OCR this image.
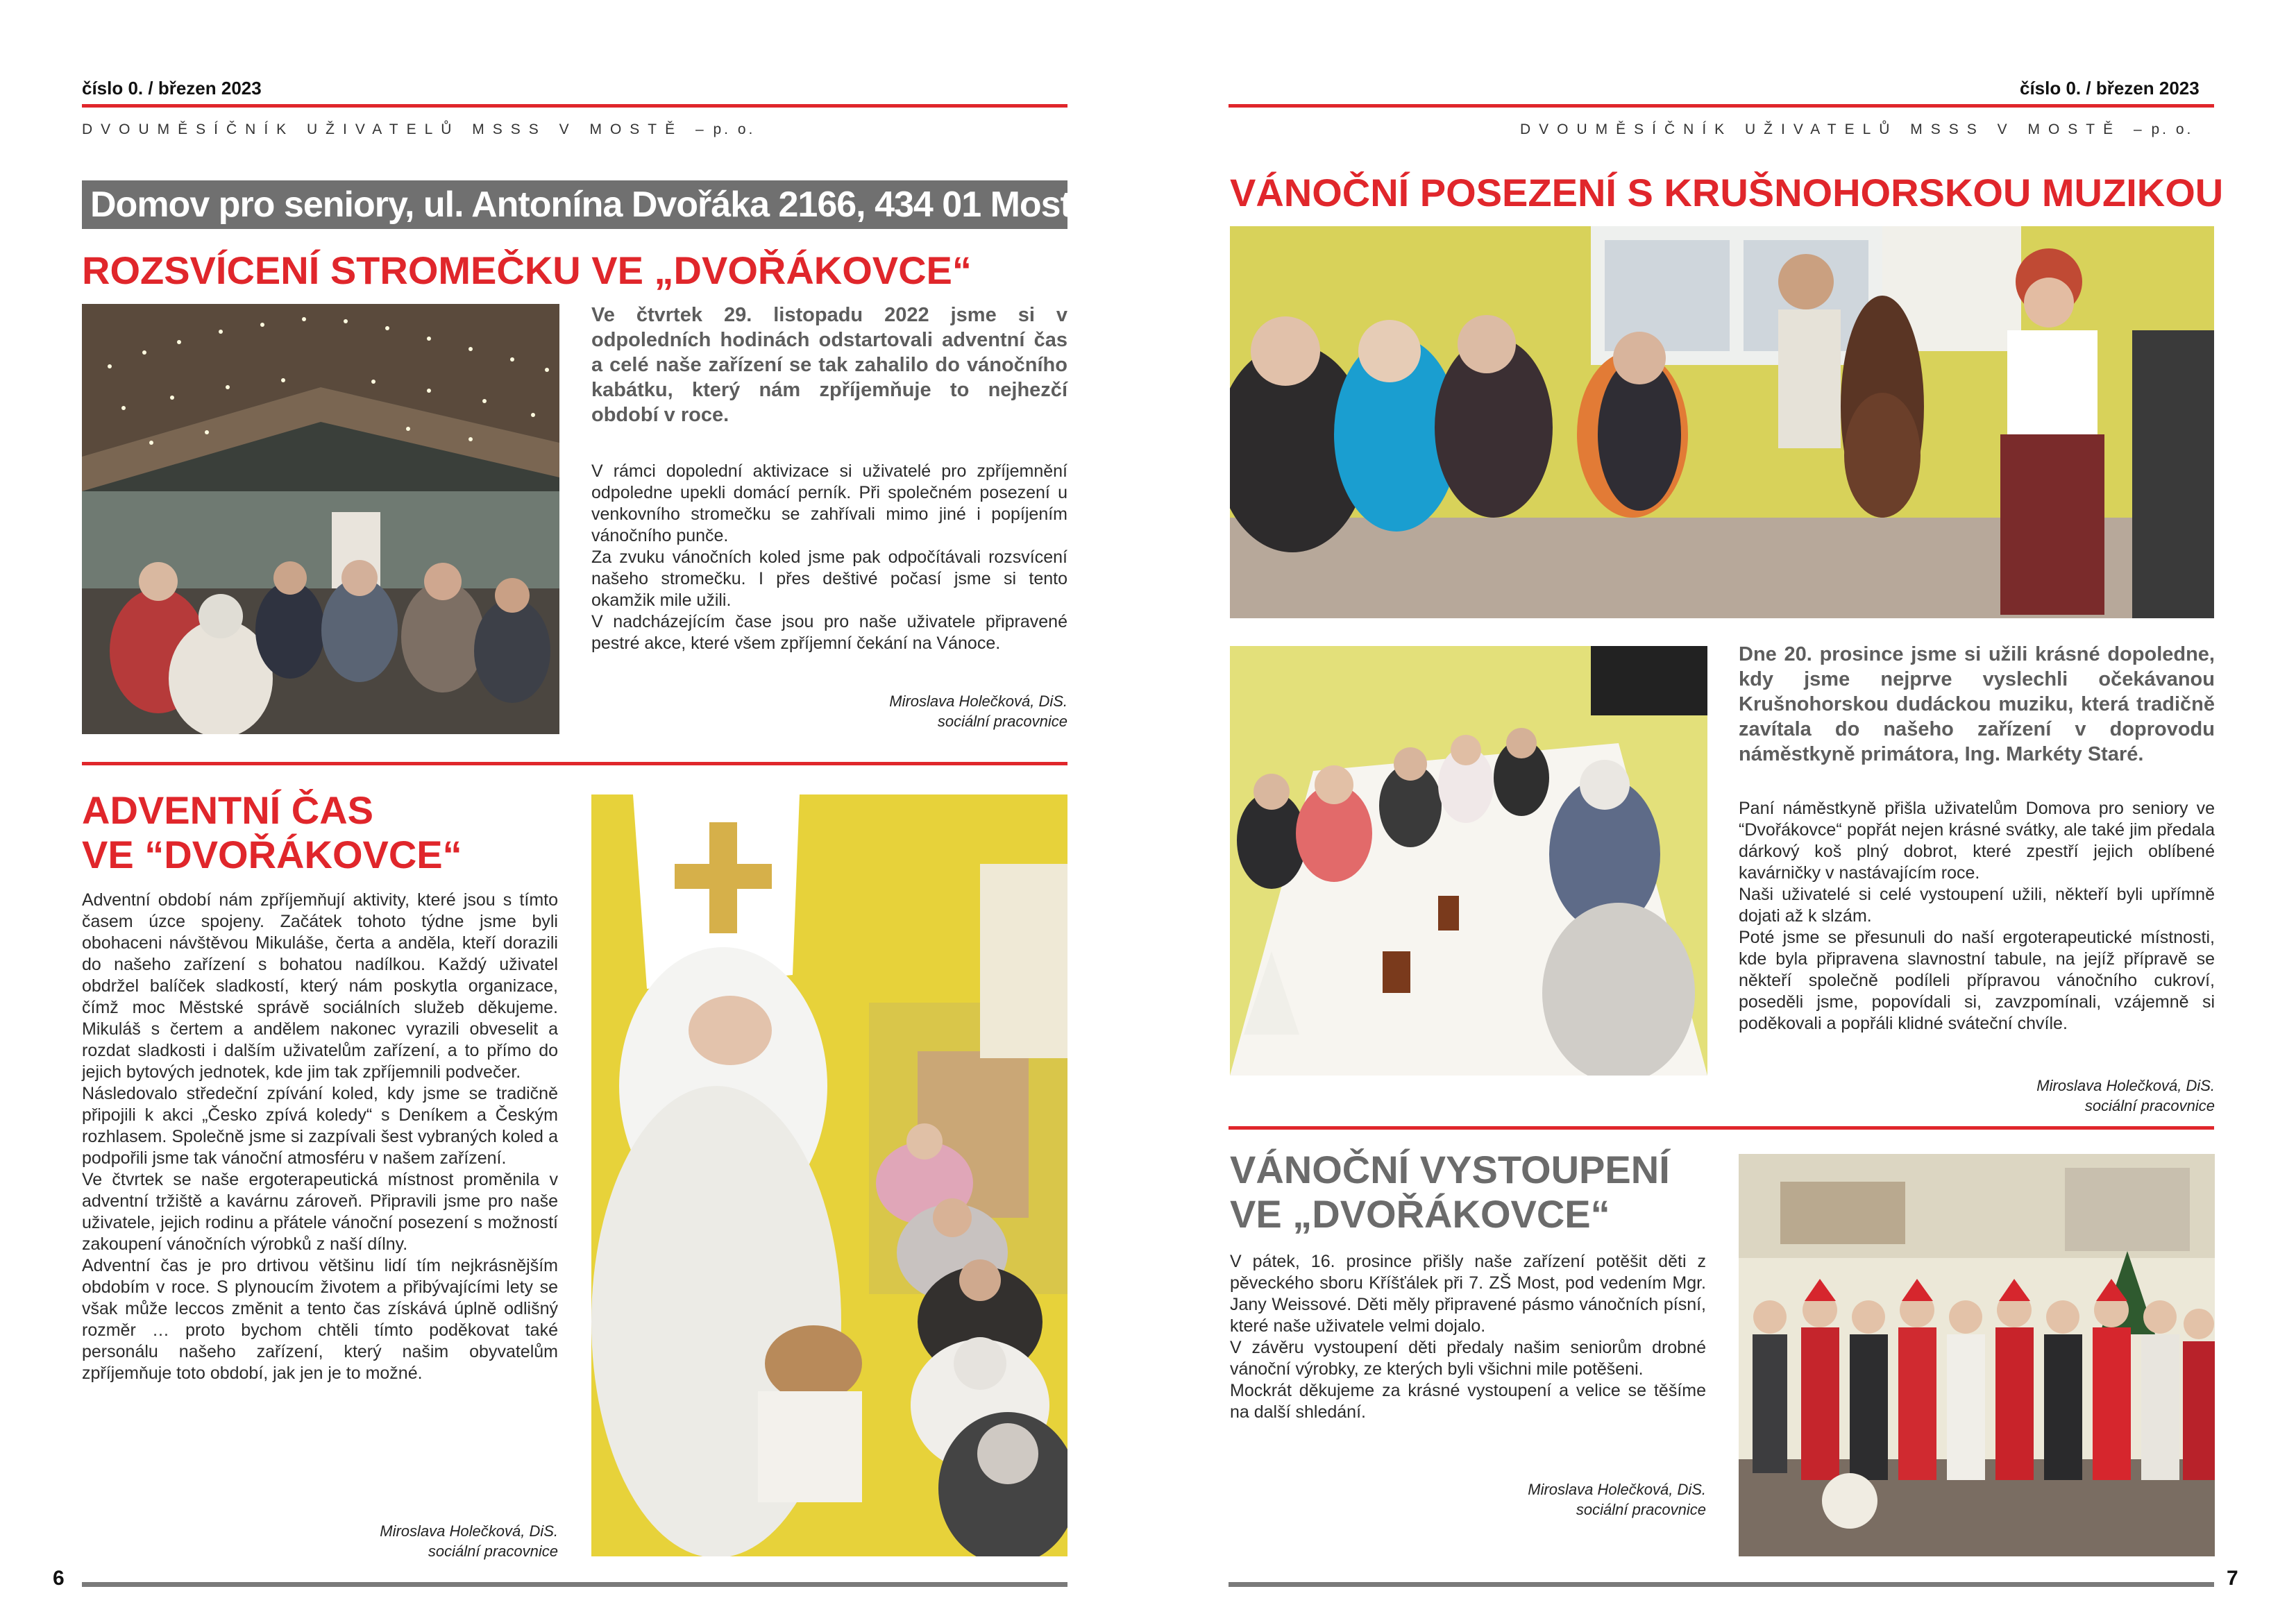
číslo 0. / březen 2023
DVOUMĚSÍČNÍK UŽIVATELŮ MSSS V MOSTĚ – p. o.
Domov pro seniory, ul. Antonína Dvořáka 2166, 434 01 Most
ROZSVÍCENÍ STROMEČKU VE „DVOŘÁKOVCE“
Ve čtvrtek 29. listopadu 2022 jsme si v odpoledních hodinách odstartovali adventní čas a celé naše zařízení se tak zahalilo do vánočního kabátku, který nám zpříjemňuje to nejhezčí období v roce.

V rámci dopolední aktivizace si uživatelé pro zpříjemnění odpoledne upekli domácí perník. Při společném posezení u venkovního stromečku se zahřívali mimo jiné i popíjením vánočního punče.

Za zvuku vánočních koled jsme pak odpočítávali rozsvícení našeho stromečku. I přes deštivé počasí jsme si tento okamžik mile užili.

V nadcházejícím čase jsou pro naše uživatele připravené pestré akce, které všem zpříjemní čekání na Vánoce.

Miroslava Holečková, DiS.
sociální pracovnice
ADVENTNÍ ČAS
VE “DVOŘÁKOVCE“

Adventní období nám zpříjemňují aktivity, které jsou s tímto časem úzce spojeny. Začátek tohoto týdne jsme byli obohaceni návštěvou Mikuláše, čerta a anděla, kteří dorazili do našeho zařízení s bohatou nadílkou. Každý uživatel obdržel balíček sladkostí, který nám poskytla organizace, čímž moc Městské správě sociálních služeb děkujeme. Mikuláš s čertem a andělem nakonec vyrazili obveselit a rozdat sladkosti i dalším uživatelům zařízení, a to přímo do jejich bytových jednotek, kde jim tak zpříjemnili podvečer.

Následovalo středeční zpívání koled, kdy jsme se tradičně připojili k akci „Česko zpívá koledy“ s Deníkem a Českým rozhlasem. Společně jsme si zazpívali šest vybraných koled a podpořili jsme tak vánoční atmosféru v našem zařízení.

Ve čtvrtek se naše ergoterapeutická místnost proměnila v adventní tržiště a kavárnu zároveň. Připravili jsme pro naše uživatele, jejich rodinu a přátele vánoční posezení s možností zakoupení vánočních výrobků z naší dílny.

Adventní čas je pro drtivou většinu lidí tím nejkrásnějším obdobím v roce. S plynoucím životem a přibývajícími lety se však může leccos změnit a tento čas získává úplně odlišný rozměr … proto bychom chtěli tímto poděkovat také personálu našeho zařízení, který našim obyvatelům zpříjemňuje toto období, jak jen je to možné.

Miroslava Holečková, DiS.
sociální pracovnice
6
číslo 0. / březen 2023
DVOUMĚSÍČNÍK UŽIVATELŮ MSSS V MOSTĚ – p. o.
VÁNOČNÍ POSEZENÍ S KRUŠNOHORSKOU MUZIKOU
Dne 20. prosince jsme si užili krásné dopoledne, kdy jsme nejprve vyslechli očekávanou Krušnohorskou dudáckou muziku, která tradičně zavítala do našeho zařízení v doprovodu náměstkyně primátora, Ing. Markéty Staré.

Paní náměstkyně přišla uživatelům Domova pro seniory ve “Dvořákovce“ popřát nejen krásné svátky, ale také jim předala dárkový koš plný dobrot, které zpestří jejich oblíbené kavárničky v nastávajícím roce.

Naši uživatelé si celé vystoupení užili, někteří byli upřímně dojati až k slzám.

Poté jsme se přesunuli do naší ergoterapeutické místnosti, kde byla připravena slavnostní tabule, na jejíž přípravě se někteří společně podíleli přípravou vánočního cukroví, poseděli jsme, popovídali si, zavzpomínali, vzájemně si poděkovali a popřáli klidné sváteční chvíle.

Miroslava Holečková, DiS.
sociální pracovnice
VÁNOČNÍ VYSTOUPENÍ
VE „DVOŘÁKOVCE“

V pátek, 16. prosince přišly naše zařízení potěšit děti z pěveckého sboru Kříšťálek při 7. ZŠ Most, pod vedením Mgr. Jany Weissové. Děti měly připravené pásmo vánočních písní, které naše uživatele velmi dojalo.

V závěru vystoupení děti předaly našim seniorům drobné vánoční výrobky, ze kterých byli všichni mile potěšeni.

Mockrát děkujeme za krásné vystoupení a velice se těšíme na další shledání.

Miroslava Holečková, DiS.
sociální pracovnice
7
